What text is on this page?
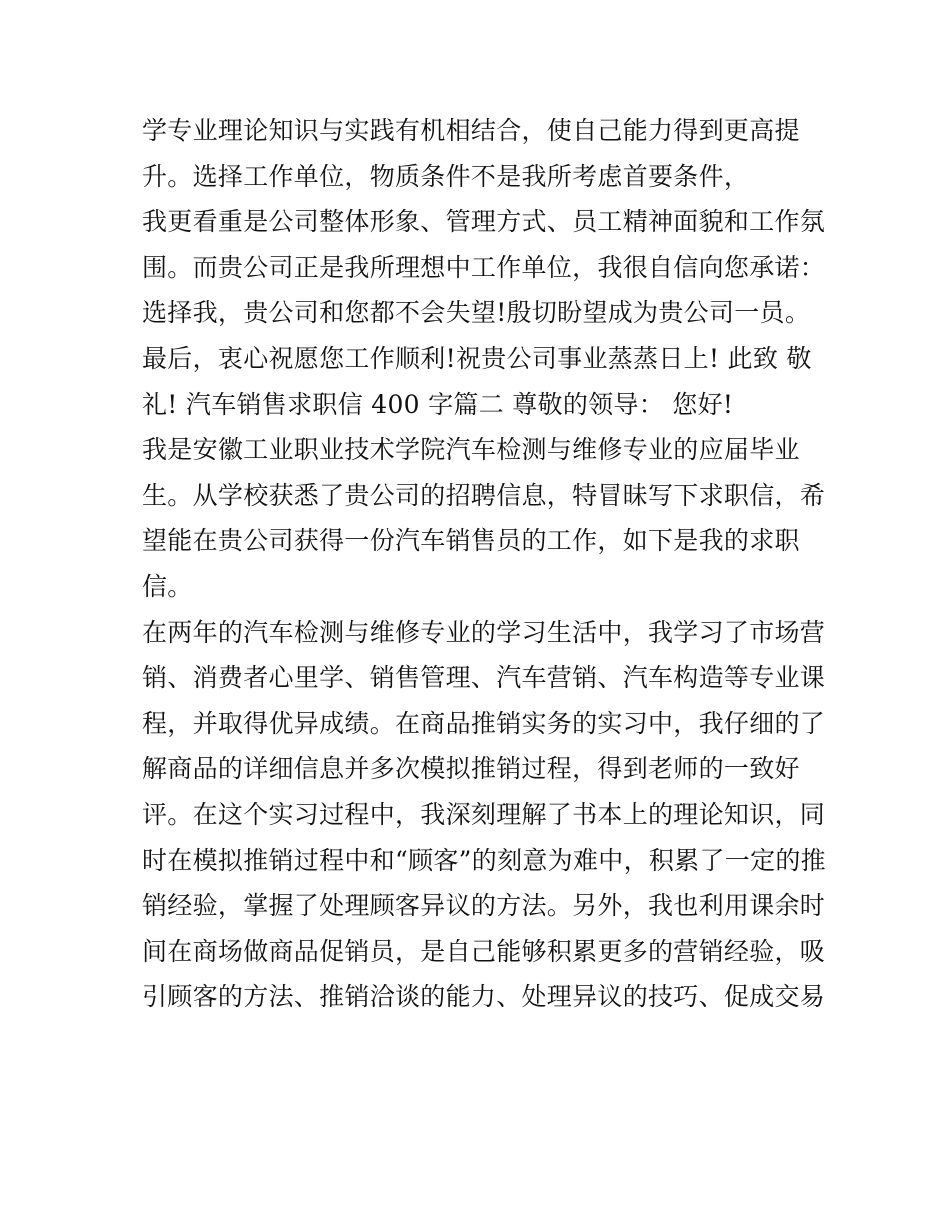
学专业理论知识与实践有机相结合，使自己能力得到更高提
升。选择工作单位，物质条件不是我所考虑首要条件，
我更看重是公司整体形象、管理方式、员工精神面貌和工作氛
围。而贵公司正是我所理想中工作单位，我很自信向您承诺：
选择我，贵公司和您都不会失望!殷切盼望成为贵公司一员。
最后，衷心祝愿您工作顺利!祝贵公司事业蒸蒸日上! 此致 敬
礼! 汽车销售求职信 400 字篇二 尊敬的领导： 您好!
我是安徽工业职业技术学院汽车检测与维修专业的应届毕业
生。从学校获悉了贵公司的招聘信息，特冒昧写下求职信，希
望能在贵公司获得一份汽车销售员的工作，如下是我的求职
信。
在两年的汽车检测与维修专业的学习生活中，我学习了市场营
销、消费者心里学、销售管理、汽车营销、汽车构造等专业课
程，并取得优异成绩。在商品推销实务的实习中，我仔细的了
解商品的详细信息并多次模拟推销过程，得到老师的一致好
评。在这个实习过程中，我深刻理解了书本上的理论知识，同
时在模拟推销过程中和“顾客”的刻意为难中，积累了一定的推
销经验，掌握了处理顾客异议的方法。另外，我也利用课余时
间在商场做商品促销员，是自己能够积累更多的营销经验，吸
引顾客的方法、推销洽谈的能力、处理异议的技巧、促成交易
